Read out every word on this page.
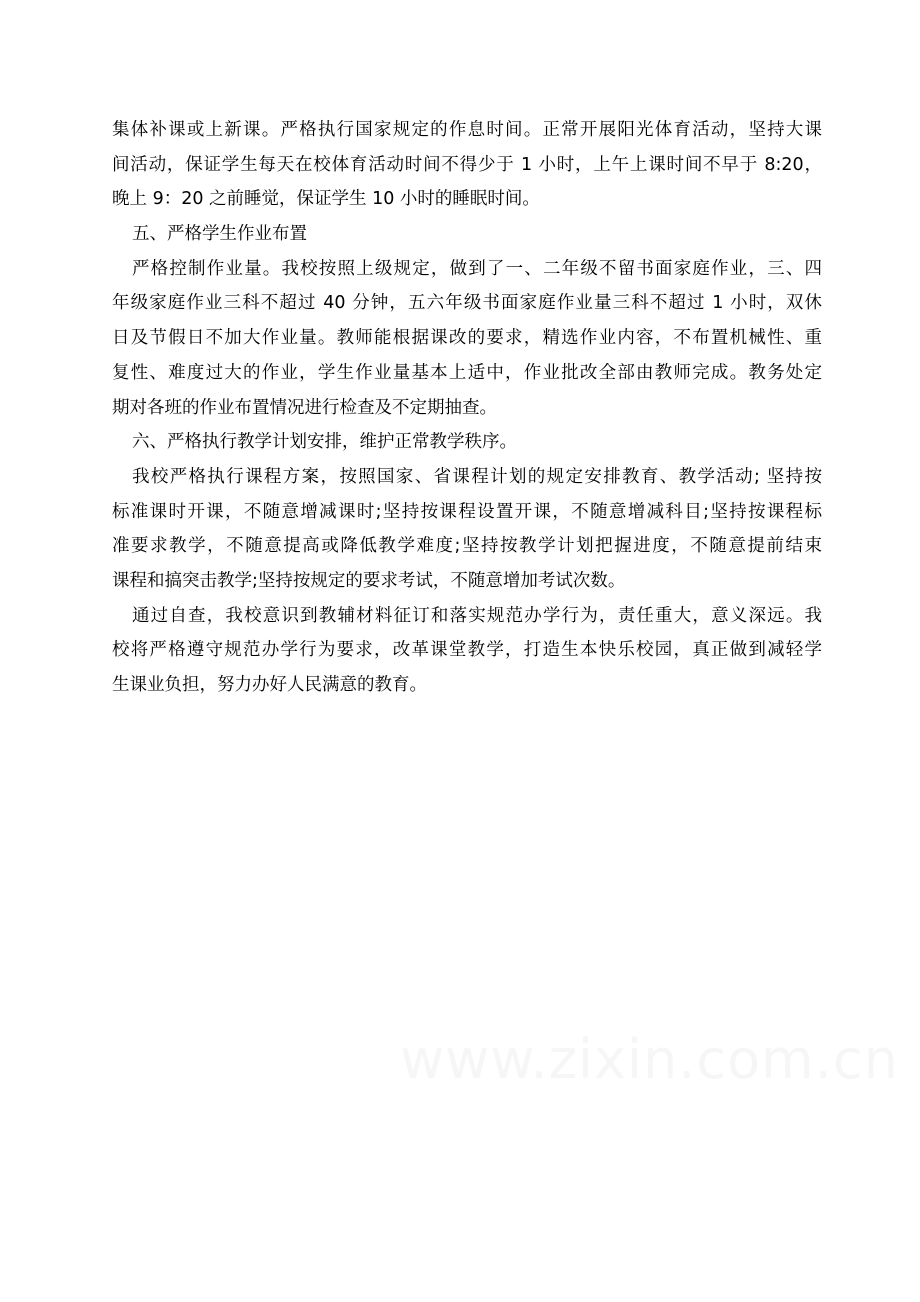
集体补课或上新课。严格执行国家规定的作息时间。正常开展阳光体育活动，坚持大课
间活动，保证学生每天在校体育活动时间不得少于 1 小时，上午上课时间不早于 8:20，
晚上 9：20 之前睡觉，保证学生 10 小时的睡眠时间。
五、严格学生作业布置
严格控制作业量。我校按照上级规定，做到了一、二年级不留书面家庭作业，三、四
年级家庭作业三科不超过 40 分钟，五六年级书面家庭作业量三科不超过 1 小时，双休
日及节假日不加大作业量。教师能根据课改的要求，精选作业内容，不布置机械性、重
复性、难度过大的作业，学生作业量基本上适中，作业批改全部由教师完成。教务处定
期对各班的作业布置情况进行检查及不定期抽查。
六、严格执行教学计划安排，维护正常教学秩序。
我校严格执行课程方案，按照国家、省课程计划的规定安排教育、教学活动; 坚持按
标准课时开课，不随意增减课时;坚持按课程设置开课，不随意增减科目;坚持按课程标
准要求教学，不随意提高或降低教学难度;坚持按教学计划把握进度，不随意提前结束
课程和搞突击教学;坚持按规定的要求考试，不随意增加考试次数。
通过自查，我校意识到教辅材料征订和落实规范办学行为，责任重大，意义深远。我
校将严格遵守规范办学行为要求，改革课堂教学，打造生本快乐校园，真正做到减轻学
生课业负担，努力办好人民满意的教育。
www.zixin.com.cn
